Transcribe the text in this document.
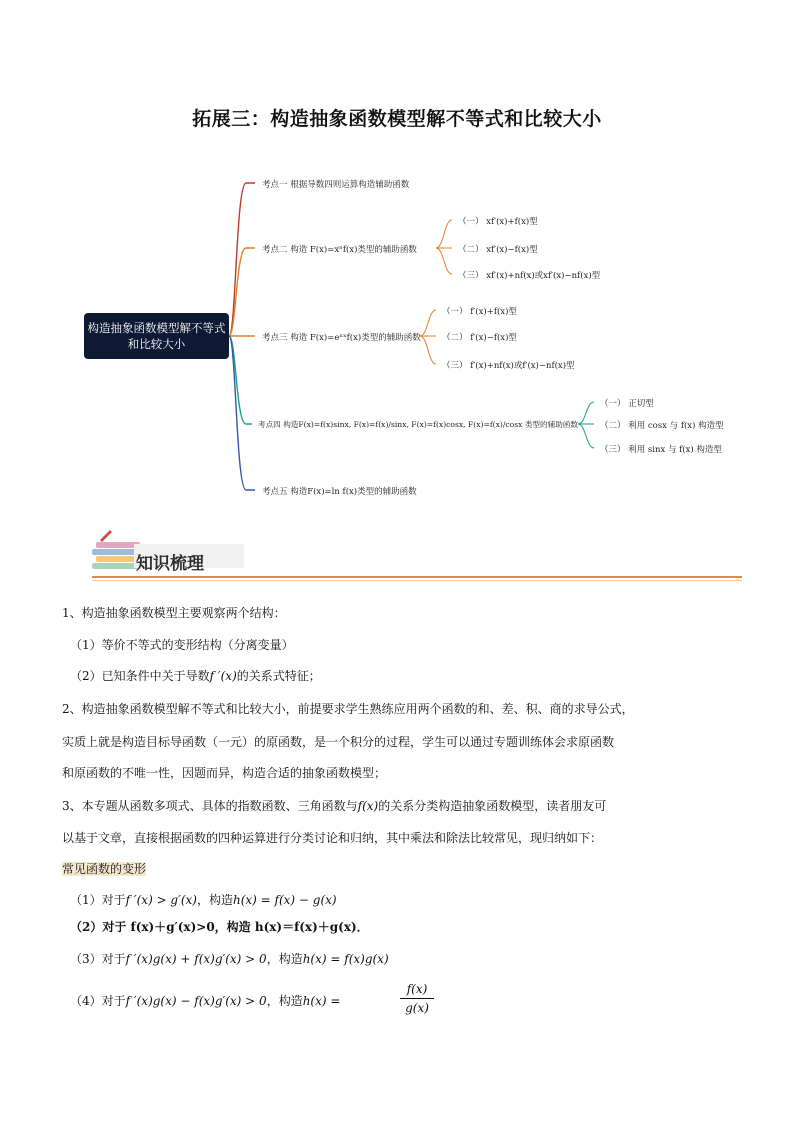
拓展三：构造抽象函数模型解不等式和比较大小
构造抽象函数模型解不等式和比较大小
考点一 根据导数四则运算构造辅助函数
考点二 构造 F(x)=xⁿf(x)类型的辅助函数
（一） xf′(x)+f(x)型
（二） xf′(x)−f(x)型
（三） xf′(x)+nf(x)或xf′(x)−nf(x)型
考点三 构造 F(x)=eⁿˣf(x)类型的辅助函数
（一） f′(x)+f(x)型
（二） f′(x)−f(x)型
（三） f′(x)+nf(x)或f′(x)−nf(x)型
考点四 构造F(x)=f(x)sinx, F(x)=f(x)/sinx, F(x)=f(x)cosx, F(x)=f(x)/cosx 类型的辅助函数
（一） 正切型
（二） 利用 cosx 与 f(x) 构造型
（三） 利用 sinx 与 f(x) 构造型
考点五 构造F(x)=ln f(x)类型的辅助函数
知识梳理
1、构造抽象函数模型主要观察两个结构：
（1）等价不等式的变形结构（分离变量）
（2）已知条件中关于导数f ′(x)的关系式特征；
2、构造抽象函数模型解不等式和比较大小，前提要求学生熟练应用两个函数的和、差、积、商的求导公式，
实质上就是构造目标导函数（一元）的原函数，是一个积分的过程，学生可以通过专题训练体会求原函数
和原函数的不唯一性，因题而异，构造合适的抽象函数模型；
3、本专题从函数多项式、具体的指数函数、三角函数与f(x)的关系分类构造抽象函数模型，读者朋友可
以基于文章，直接根据函数的四种运算进行分类讨论和归纳，其中乘法和除法比较常见，现归纳如下：
常见函数的变形
（1）对于f ′(x) > g′(x)，构造h(x) = f(x) − g(x)
（2）对于 f(x)＋g′(x)>0，构造 h(x)＝f(x)＋g(x)．
（3）对于f ′(x)g(x) + f(x)g′(x) > 0，构造h(x) = f(x)g(x)
（4）对于f ′(x)g(x) − f(x)g′(x) > 0，构造h(x) =
f(x)
g(x)
